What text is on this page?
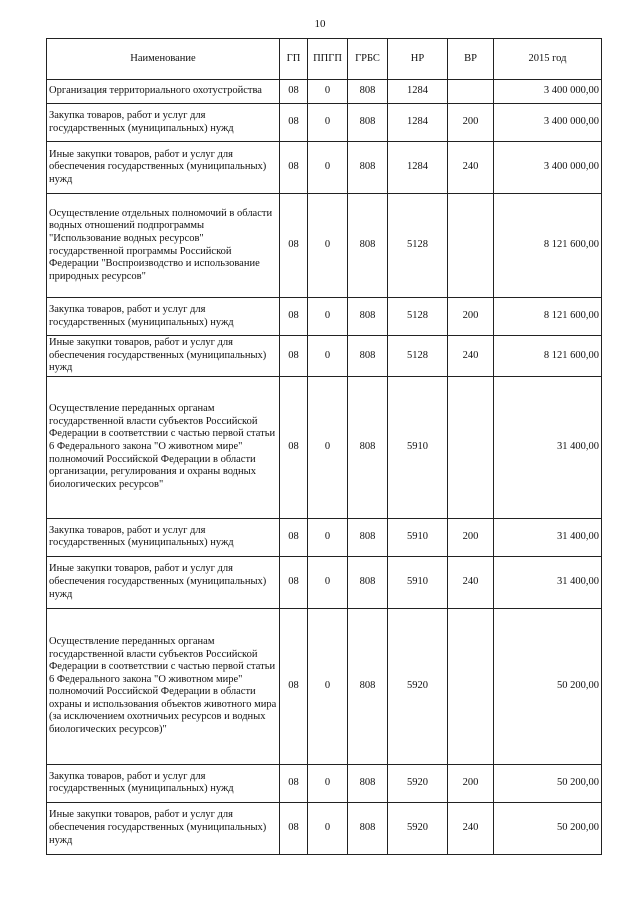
10
Наименование	ГП	ППГП	ГРБС	НР	ВР	2015 год
Организация территориального охотустройства	08	0	808	1284		3 400 000,00
Закупка товаров, работ и услуг для государственных (муниципальных) нужд	08	0	808	1284	200	3 400 000,00
Иные закупки товаров, работ и услуг для обеспечения государственных (муниципальных) нужд	08	0	808	1284	240	3 400 000,00
Осуществление отдельных полномочий в области водных отношений подпрограммы "Использование водных ресурсов" государственной программы Российской Федерации "Воспроизводство и использование природных ресурсов"	08	0	808	5128		8 121 600,00
Закупка товаров, работ и услуг для государственных (муниципальных) нужд	08	0	808	5128	200	8 121 600,00
Иные закупки товаров, работ и услуг для обеспечения государственных (муниципальных) нужд	08	0	808	5128	240	8 121 600,00
Осуществление переданных органам государственной власти субъектов Российской Федерации в соответствии с частью первой статьи 6 Федерального закона "О животном мире" полномочий Российской Федерации в области организации, регулирования и охраны водных биологических ресурсов"	08	0	808	5910		31 400,00
Закупка товаров, работ и услуг для государственных (муниципальных) нужд	08	0	808	5910	200	31 400,00
Иные закупки товаров, работ и услуг для обеспечения государственных (муниципальных) нужд	08	0	808	5910	240	31 400,00
Осуществление переданных органам государственной власти субъектов Российской Федерации в соответствии с частью первой статьи 6 Федерального закона "О животном мире" полномочий Российской Федерации в области охраны и использования объектов животного мира (за исключением охотничьих ресурсов и водных биологических ресурсов)"	08	0	808	5920		50 200,00
Закупка товаров, работ и услуг для государственных (муниципальных) нужд	08	0	808	5920	200	50 200,00
Иные закупки товаров, работ и услуг для обеспечения государственных (муниципальных) нужд	08	0	808	5920	240	50 200,00
